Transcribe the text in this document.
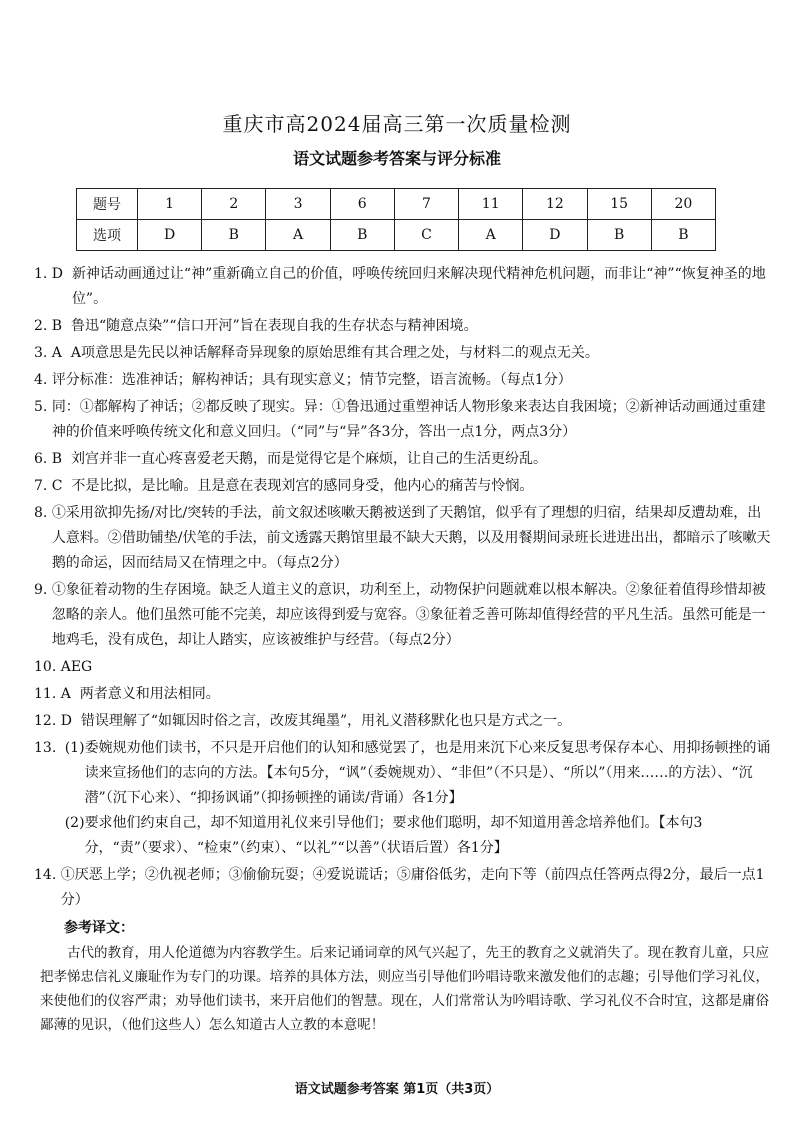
重庆市高2024届高三第一次质量检测
语文试题参考答案与评分标准
题号	1	2	3	6	7	11	12	15	20
选项	D	B	A	B	C	A	D	B	B
1. D 新神话动画通过让“神”重新确立自己的价值，呼唤传统回归来解决现代精神危机问题，而非让“神”“恢复神圣的地位”。
2. B 鲁迅“随意点染”“信口开河”旨在表现自我的生存状态与精神困境。
3. A A项意思是先民以神话解释奇异现象的原始思维有其合理之处，与材料二的观点无关。
4. 评分标准：选准神话；解构神话；具有现实意义；情节完整，语言流畅。（每点1分）
5. 同：①都解构了神话；②都反映了现实。异：①鲁迅通过重塑神话人物形象来表达自我困境；②新神话动画通过重建神的价值来呼唤传统文化和意义回归。（“同”与“异”各3分，答出一点1分，两点3分）
6. B 刘宫并非一直心疼喜爱老天鹅，而是觉得它是个麻烦，让自己的生活更纷乱。
7. C 不是比拟，是比喻。且是意在表现刘宫的感同身受，他内心的痛苦与怜悯。
8. ①采用欲抑先扬/对比/突转的手法，前文叙述咳嗽天鹅被送到了天鹅馆，似乎有了理想的归宿，结果却反遭劫难，出人意料。②借助铺垫/伏笔的手法，前文透露天鹅馆里最不缺大天鹅，以及用餐期间录班长进进出出，都暗示了咳嗽天鹅的命运，因而结局又在情理之中。（每点2分）
9. ①象征着动物的生存困境。缺乏人道主义的意识，功利至上，动物保护问题就难以根本解决。②象征着值得珍惜却被忽略的亲人。他们虽然可能不完美，却应该得到爱与宽容。③象征着乏善可陈却值得经营的平凡生活。虽然可能是一地鸡毛，没有成色，却让人踏实，应该被维护与经营。（每点2分）
10. AEG
11. A 两者意义和用法相同。
12. D 错误理解了“如辄因时俗之言，改废其绳墨”，用礼义潜移默化也只是方式之一。
13. (1) 委婉规劝他们读书，不只是开启他们的认知和感觉罢了，也是用来沉下心来反复思考保存本心、用抑扬顿挫的诵读来宣扬他们的志向的方法。【本句5分，“讽”（委婉规劝）、“非但”（不只是）、“所以”（用来……的方法）、“沉潜”（沉下心来）、“抑扬讽诵”（抑扬顿挫的诵读/背诵）各1分】
(2) 要求他们约束自己，却不知道用礼仪来引导他们；要求他们聪明，却不知道用善念培养他们。【本句3分，“责”（要求）、“检束”（约束）、“以礼”“以善”（状语后置）各1分】
14. ①厌恶上学；②仇视老师；③偷偷玩耍；④爱说谎话；⑤庸俗低劣，走向下等（前四点任答两点得2分，最后一点1分）
参考译文：
古代的教育，用人伦道德为内容教学生。后来记诵词章的风气兴起了，先王的教育之义就消失了。现在教育儿童，只应把孝悌忠信礼义廉耻作为专门的功课。培养的具体方法，则应当引导他们吟唱诗歌来激发他们的志趣；引导他们学习礼仪，来使他们的仪容严肃；劝导他们读书，来开启他们的智慧。现在，人们常常认为吟唱诗歌、学习礼仪不合时宜，这都是庸俗鄙薄的见识，（他们这些人）怎么知道古人立教的本意呢！
语文试题参考答案 第1页（共3页）
